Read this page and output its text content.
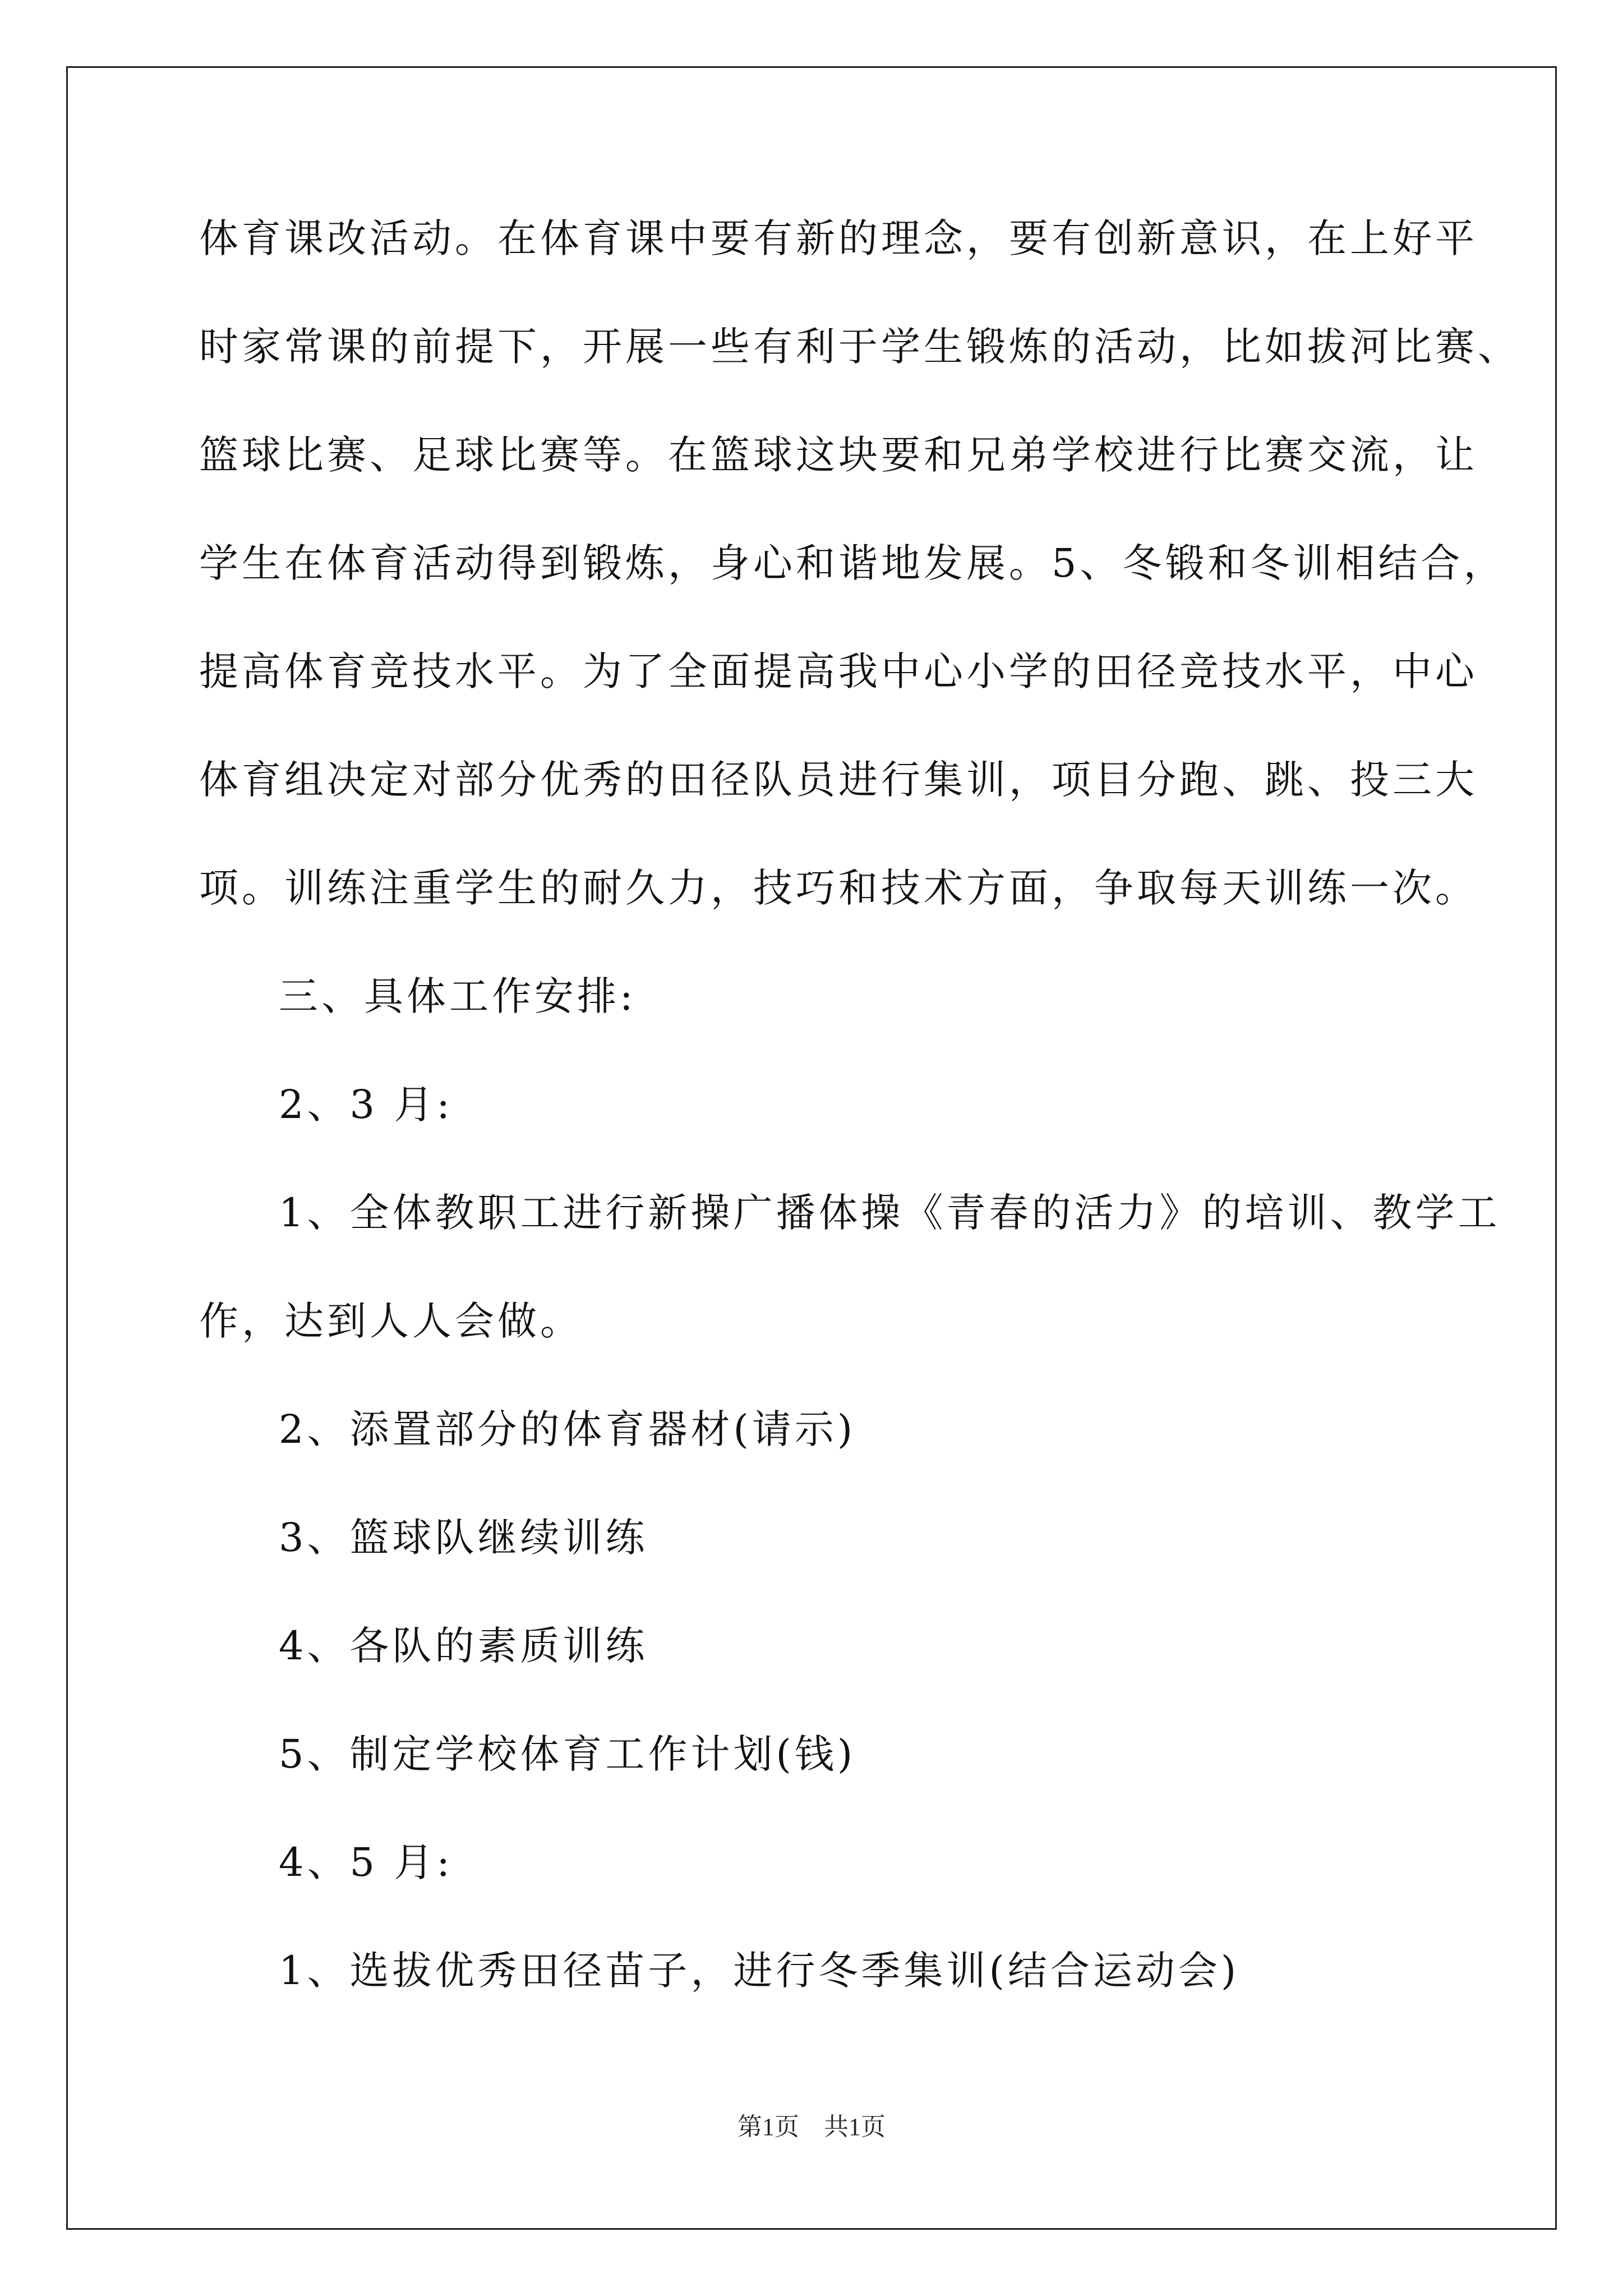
体育课改活动。在体育课中要有新的理念，要有创新意识，在上好平
时家常课的前提下，开展一些有利于学生锻炼的活动，比如拔河比赛、
篮球比赛、足球比赛等。在篮球这块要和兄弟学校进行比赛交流，让
学生在体育活动得到锻炼，身心和谐地发展。5、冬锻和冬训相结合，
提高体育竞技水平。为了全面提高我中心小学的田径竞技水平，中心
体育组决定对部分优秀的田径队员进行集训，项目分跑、跳、投三大
项。训练注重学生的耐久力，技巧和技术方面，争取每天训练一次。
三、具体工作安排:
2、3 月:
1、全体教职工进行新操广播体操《青春的活力》的培训、教学工
作，达到人人会做。
2、添置部分的体育器材(请示)
3、篮球队继续训练
4、各队的素质训练
5、制定学校体育工作计划(钱)
4、5 月:
1、选拔优秀田径苗子，进行冬季集训(结合运动会)
第1页　共1页
